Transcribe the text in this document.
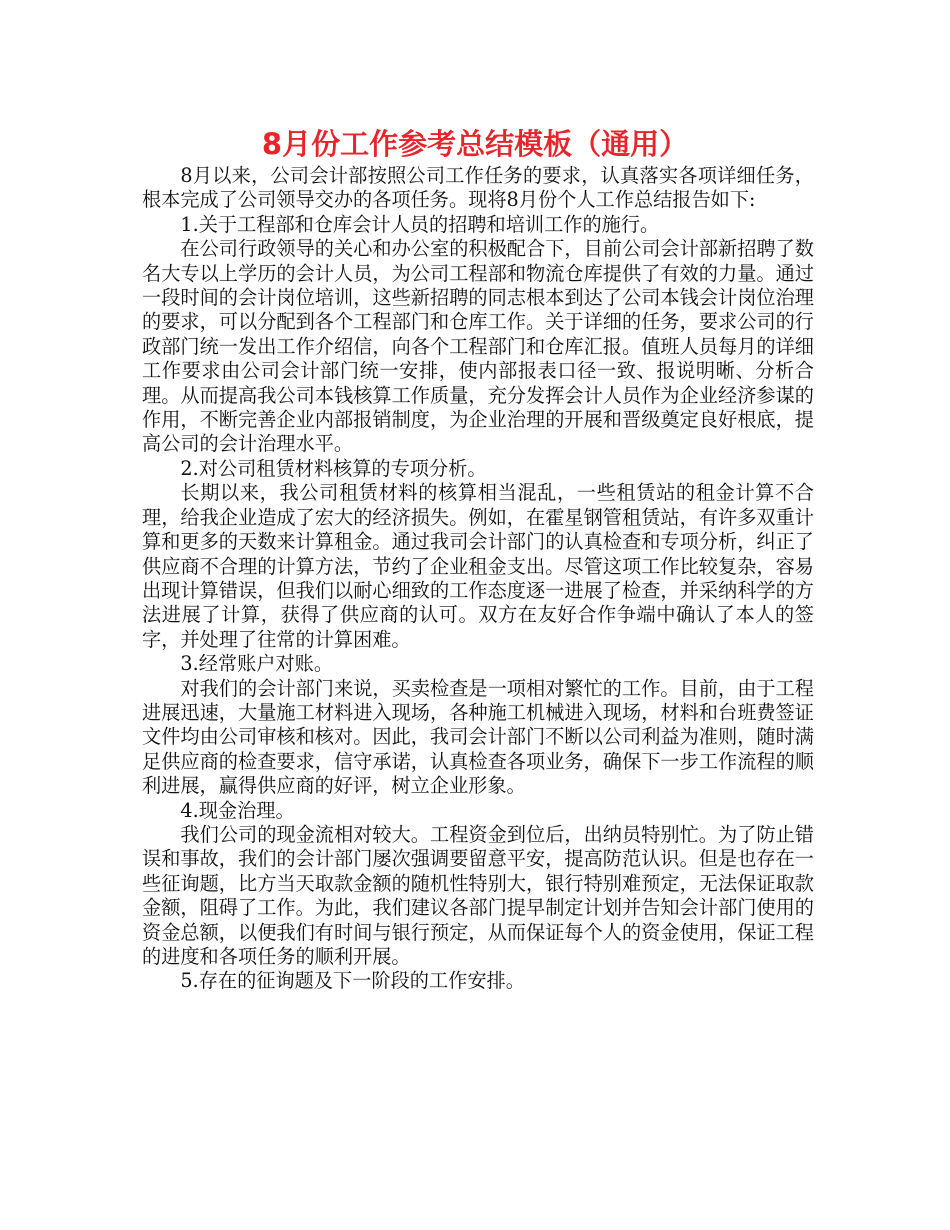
8月份工作参考总结模板（通用）

8月以来，公司会计部按照公司工作任务的要求，认真落实各项详细任务，根本完成了公司领导交办的各项任务。现将8月份个人工作总结报告如下:

1.关于工程部和仓库会计人员的招聘和培训工作的施行。

在公司行政领导的关心和办公室的积极配合下，目前公司会计部新招聘了数名大专以上学历的会计人员，为公司工程部和物流仓库提供了有效的力量。通过一段时间的会计岗位培训，这些新招聘的同志根本到达了公司本钱会计岗位治理的要求，可以分配到各个工程部门和仓库工作。关于详细的任务，要求公司的行政部门统一发出工作介绍信，向各个工程部门和仓库汇报。值班人员每月的详细工作要求由公司会计部门统一安排，使内部报表口径一致、报说明晰、分析合理。从而提高我公司本钱核算工作质量，充分发挥会计人员作为企业经济参谋的作用，不断完善企业内部报销制度，为企业治理的开展和晋级奠定良好根底，提高公司的会计治理水平。

2.对公司租赁材料核算的专项分析。

长期以来，我公司租赁材料的核算相当混乱，一些租赁站的租金计算不合理，给我企业造成了宏大的经济损失。例如，在霍星钢管租赁站，有许多双重计算和更多的天数来计算租金。通过我司会计部门的认真检查和专项分析，纠正了供应商不合理的计算方法，节约了企业租金支出。尽管这项工作比较复杂，容易出现计算错误，但我们以耐心细致的工作态度逐一进展了检查，并采纳科学的方法进展了计算，获得了供应商的认可。双方在友好合作争端中确认了本人的签字，并处理了往常的计算困难。

3.经常账户对账。

对我们的会计部门来说，买卖检查是一项相对繁忙的工作。目前，由于工程进展迅速，大量施工材料进入现场，各种施工机械进入现场，材料和台班费签证文件均由公司审核和核对。因此，我司会计部门不断以公司利益为准则，随时满足供应商的检查要求，信守承诺，认真检查各项业务，确保下一步工作流程的顺利进展，赢得供应商的好评，树立企业形象。

4.现金治理。

我们公司的现金流相对较大。工程资金到位后，出纳员特别忙。为了防止错误和事故，我们的会计部门屡次强调要留意平安，提高防范认识。但是也存在一些征询题，比方当天取款金额的随机性特别大，银行特别难预定，无法保证取款金额，阻碍了工作。为此，我们建议各部门提早制定计划并告知会计部门使用的资金总额，以便我们有时间与银行预定，从而保证每个人的资金使用，保证工程的进度和各项任务的顺利开展。

5.存在的征询题及下一阶段的工作安排。
